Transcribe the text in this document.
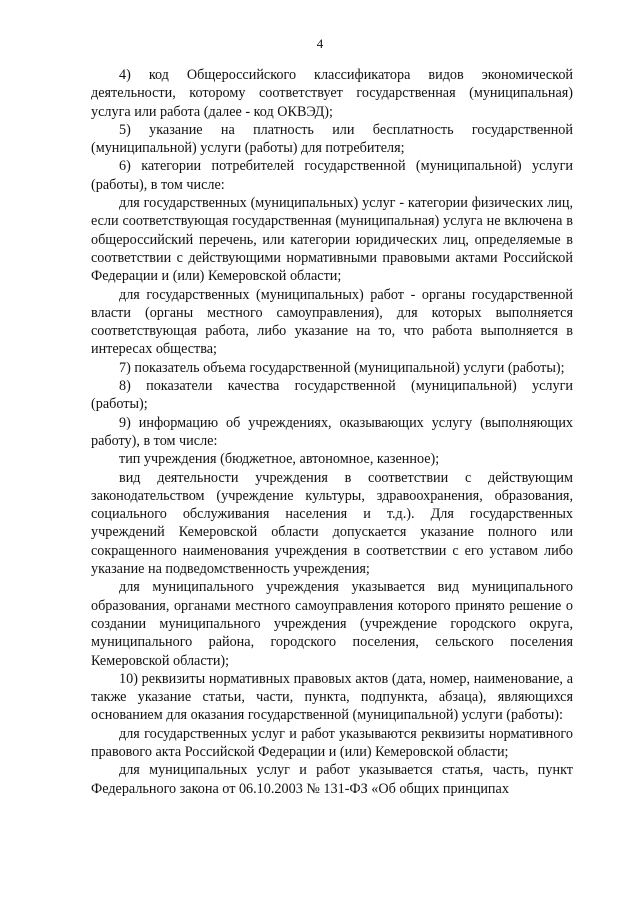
4

4) код Общероссийского классификатора видов экономической деятельности, которому соответствует государственная (муниципальная) услуга или работа (далее - код ОКВЭД);

5) указание на платность или бесплатность государственной (муниципальной) услуги (работы) для потребителя;

6) категории потребителей государственной (муниципальной) услуги (работы), в том числе:

для государственных (муниципальных) услуг - категории физических лиц, если соответствующая государственная (муниципальная) услуга не включена в общероссийский перечень, или категории юридических лиц, определяемые в соответствии с действующими нормативными правовыми актами Российской Федерации и (или) Кемеровской области;

для государственных (муниципальных) работ - органы государственной власти (органы местного самоуправления), для которых выполняется соответствующая работа, либо указание на то, что работа выполняется в интересах общества;

7) показатель объема государственной (муниципальной) услуги (работы);

8) показатели качества государственной (муниципальной) услуги (работы);

9) информацию об учреждениях, оказывающих услугу (выполняющих работу), в том числе:

тип учреждения (бюджетное, автономное, казенное);

вид деятельности учреждения в соответствии с действующим законодательством (учреждение культуры, здравоохранения, образования, социального обслуживания населения и т.д.). Для государственных учреждений Кемеровской области допускается указание полного или сокращенного наименования учреждения в соответствии с его уставом либо указание на подведомственность учреждения;

для муниципального учреждения указывается вид муниципального образования, органами местного самоуправления которого принято решение о создании муниципального учреждения (учреждение городского округа, муниципального района, городского поселения, сельского поселения Кемеровской области);

10) реквизиты нормативных правовых актов (дата, номер, наименование, а также указание статьи, части, пункта, подпункта, абзаца), являющихся основанием для оказания государственной (муниципальной) услуги (работы):

для государственных услуг и работ указываются реквизиты нормативного правового акта Российской Федерации и (или) Кемеровской области;

для муниципальных услуг и работ указывается статья, часть, пункт Федерального закона от 06.10.2003 № 131-ФЗ «Об общих принципах
